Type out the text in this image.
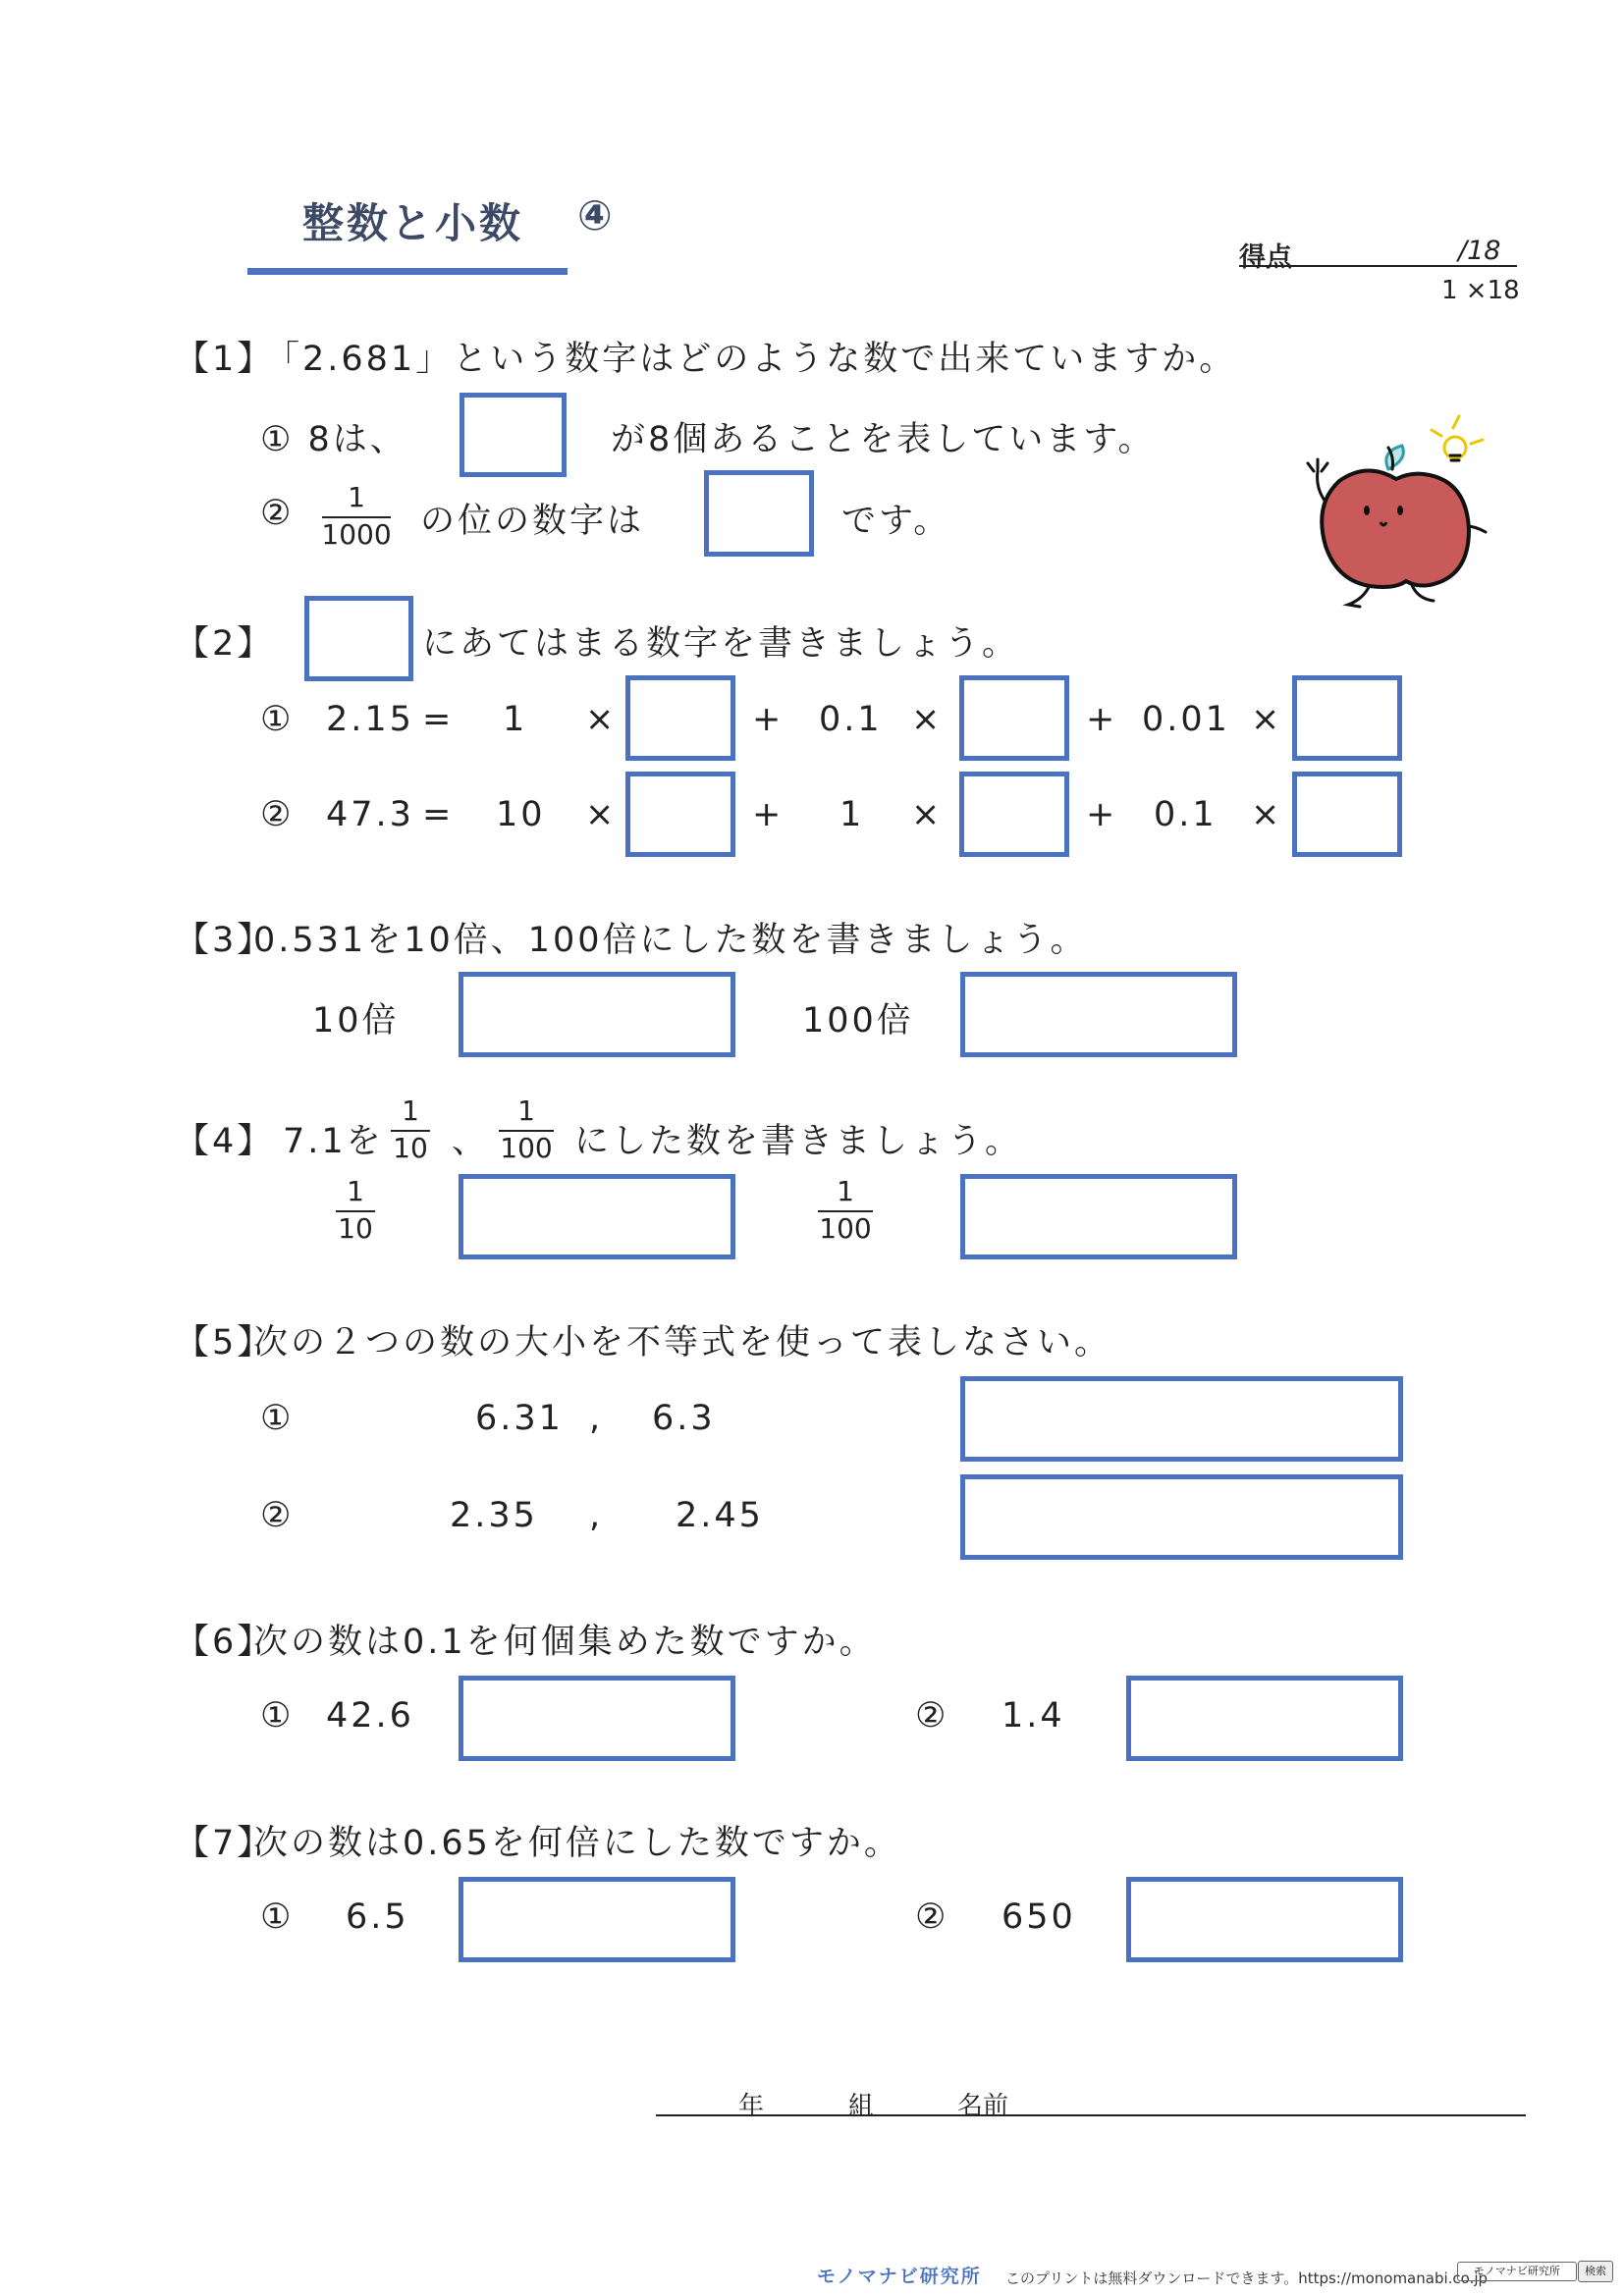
整数と小数 ④
得点	/18
1 ×18
【1】
「2.681」という数字はどのような数で出来ていますか。
① 8は、	が8個あることを表しています。
② 1
1000 の位の数字は	です。
【2】	にあてはまる数字を書きましょう。
① 2.15 = 1 ×	+ 0.1 ×	+ 0.01 ×
② 47.3 = 10 ×	+ 1 ×	+ 0.1 ×
【3】
0.531を10倍、100倍にした数を書きましょう。
10倍	100倍
【4】 7.1を
1
10 、
1
100 にした数を書きましょう。
1
10
1
100
【5】
次の２つの数の大小を不等式を使って表しなさい。
①	6.31 , 6.3
②	2.35 , 2.45
【6】
次の数は0.1を何個集めた数ですか。
① 42.6	② 1.4
【7】
次の数は0.65を何倍にした数ですか。
① 6.5	② 650
年	組	名前
モノマナビ研究所 このプリントは無料ダウンロードできます。https://monomanabi.co.jp
モノマナビ研究所	検索
